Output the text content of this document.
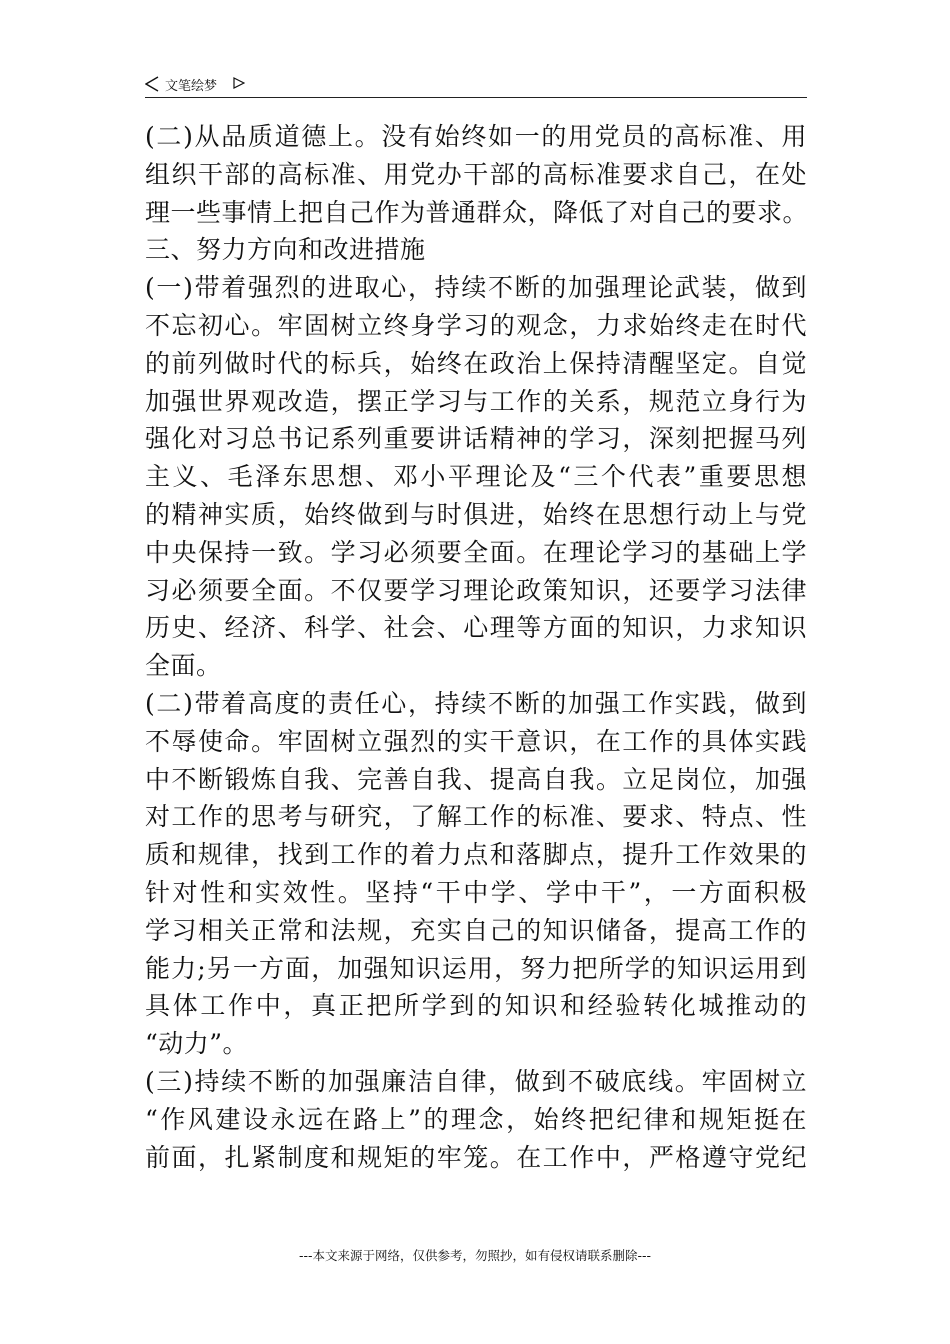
文笔绘梦
(二)从品质道德上。没有始终如一的用党员的高标准、用
组织干部的高标准、用党办干部的高标准要求自己，在处
理一些事情上把自己作为普通群众，降低了对自己的要求。
三、努力方向和改进措施
(一)带着强烈的进取心，持续不断的加强理论武装，做到
不忘初心。牢固树立终身学习的观念，力求始终走在时代
的前列做时代的标兵，始终在政治上保持清醒坚定。自觉
加强世界观改造，摆正学习与工作的关系，规范立身行为
强化对习总书记系列重要讲话精神的学习，深刻把握马列
主义、毛泽东思想、邓小平理论及“三个代表”重要思想
的精神实质，始终做到与时俱进，始终在思想行动上与党
中央保持一致。学习必须要全面。在理论学习的基础上学
习必须要全面。不仅要学习理论政策知识，还要学习法律
历史、经济、科学、社会、心理等方面的知识，力求知识
全面。
(二)带着高度的责任心，持续不断的加强工作实践，做到
不辱使命。牢固树立强烈的实干意识，在工作的具体实践
中不断锻炼自我、完善自我、提高自我。立足岗位，加强
对工作的思考与研究，了解工作的标准、要求、特点、性
质和规律，找到工作的着力点和落脚点，提升工作效果的
针对性和实效性。坚持“干中学、学中干”，一方面积极
学习相关正常和法规，充实自己的知识储备，提高工作的
能力;另一方面，加强知识运用，努力把所学的知识运用到
具体工作中，真正把所学到的知识和经验转化城推动的
“动力”。
(三)持续不断的加强廉洁自律，做到不破底线。牢固树立
“作风建设永远在路上”的理念，始终把纪律和规矩挺在
前面，扎紧制度和规矩的牢笼。在工作中，严格遵守党纪
---本文来源于网络，仅供参考，勿照抄，如有侵权请联系删除---
